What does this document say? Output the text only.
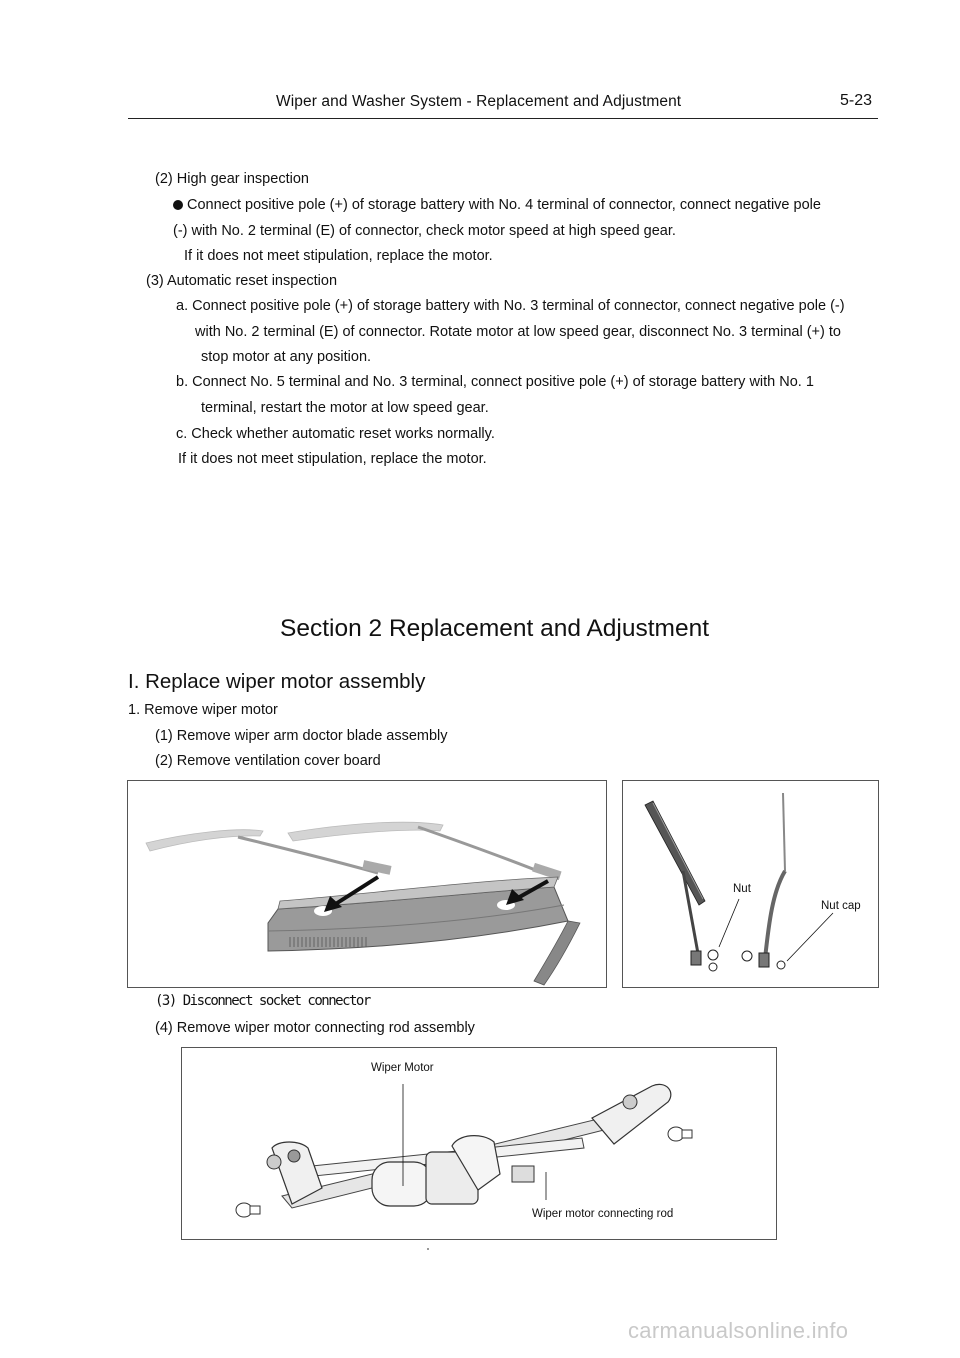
Wiper and Washer System - Replacement and Adjustment	5-23
(2) High gear inspection
Connect positive pole (+) of storage battery with No. 4 terminal of connector, connect negative pole
(-) with No. 2 terminal (E) of connector, check motor speed at high speed gear.
If it does not meet stipulation, replace the motor.
(3) Automatic reset inspection
a. Connect positive pole (+) of storage battery with No. 3 terminal of connector, connect negative pole (-)
with No. 2 terminal (E) of connector. Rotate motor at low speed gear, disconnect No. 3 terminal (+) to
stop motor at any position.
b. Connect No. 5 terminal and No. 3 terminal, connect positive pole (+) of storage battery with No. 1
terminal, restart the motor at low speed gear.
c. Check whether automatic reset works normally.
If it does not meet stipulation, replace the motor.
Section 2 Replacement and Adjustment
I. Replace wiper motor assembly
1. Remove wiper motor
(1) Remove wiper arm doctor blade assembly
(2) Remove ventilation cover board
Nut
Nut cap
(3) Disconnect socket connector
(4) Remove wiper motor connecting rod assembly
Wiper Motor
Wiper motor connecting rod
carmanualsonline.info
